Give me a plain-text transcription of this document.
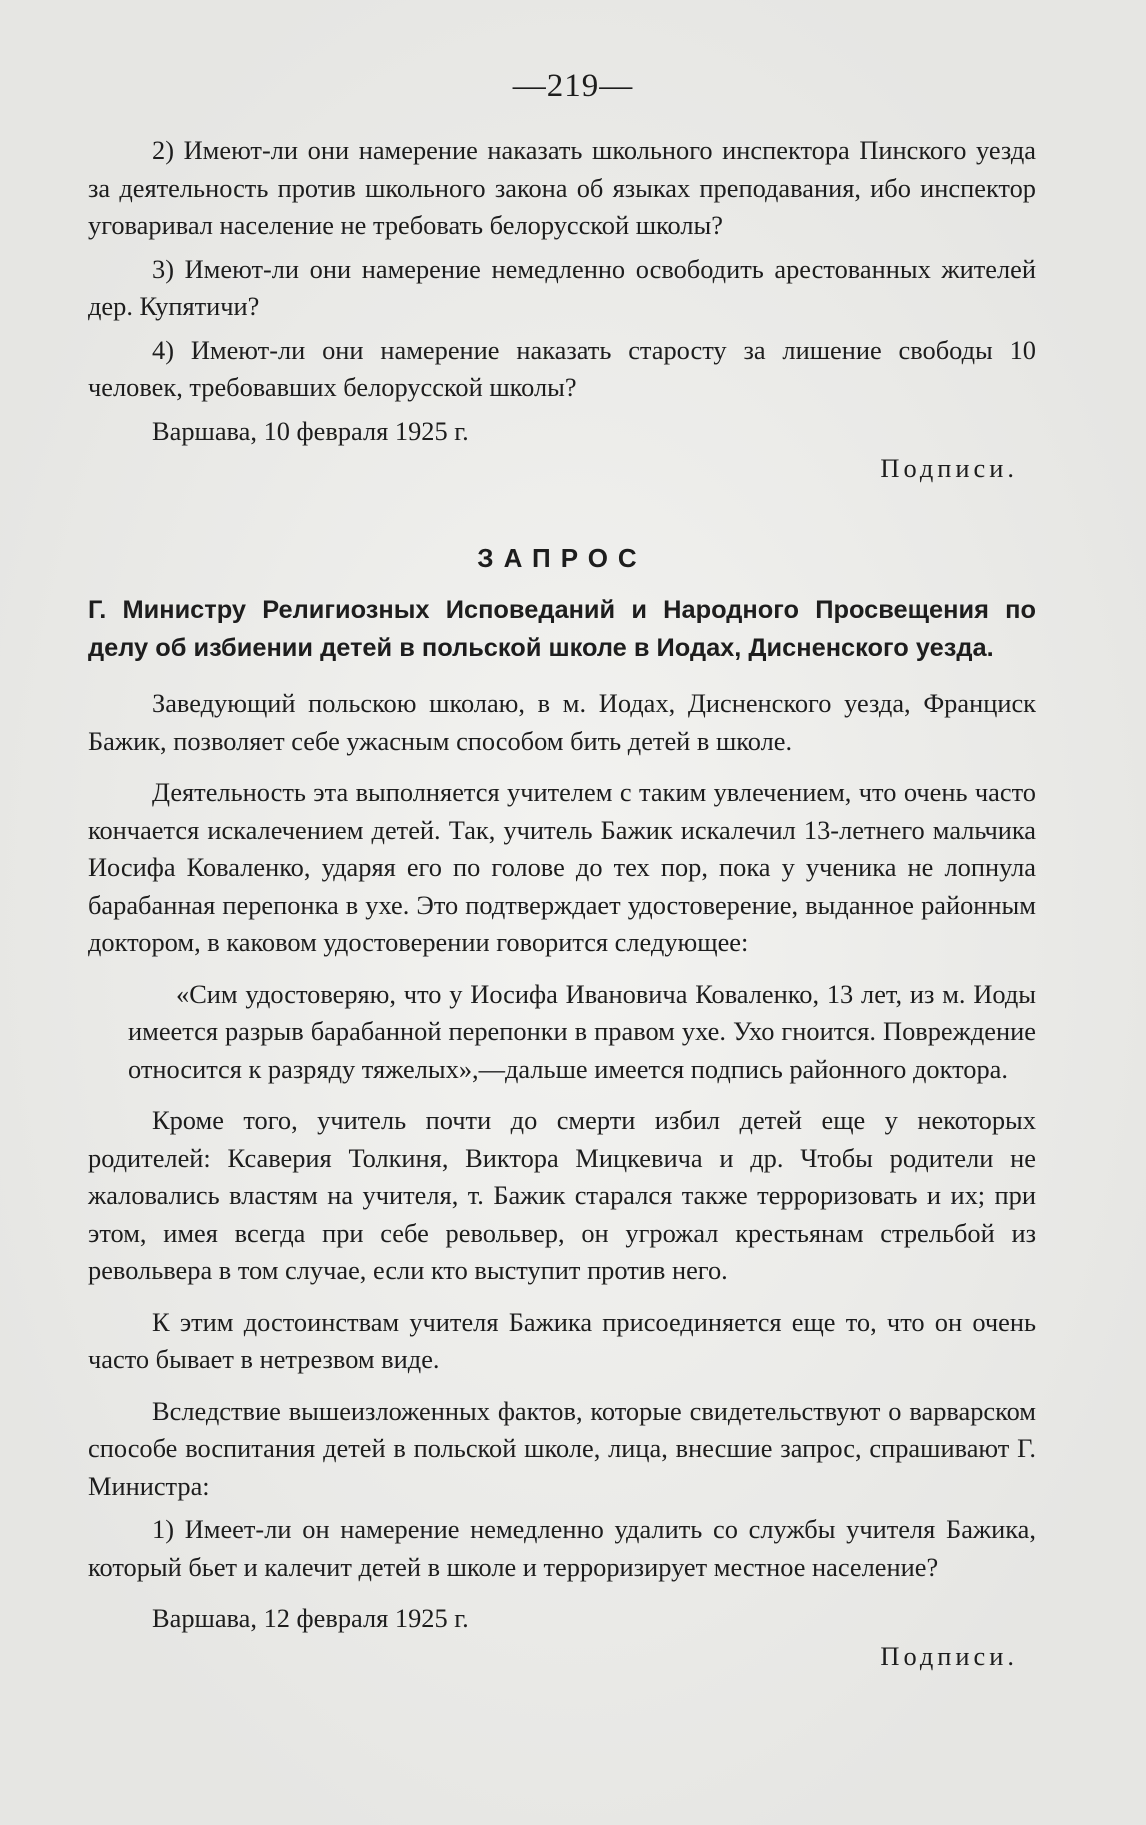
—219—

2) Имеют-ли они намерение наказать школьного инспектора Пинского уезда за деятельность против школьного закона об языках преподавания, ибо инспектор уговаривал население не требовать белорусской школы?

3) Имеют-ли они намерение немедленно освободить арестованных жителей дер. Купятичи?

4) Имеют-ли они намерение наказать старосту за лишение свободы 10 человек, требовавших белорусской школы?

Варшава, 10 февраля 1925 г.

Подписи.

ЗАПРОС
Г. Министру Религиозных Исповеданий и Народного Просвещения по делу об избиении детей в польской школе в Иодах, Дисненского уезда.

Заведующий польскою школаю, в м. Иодах, Дисненского уезда, Франциск Бажик, позволяет себе ужасным способом бить детей в школе.

Деятельность эта выполняется учителем с таким увлечением, что очень часто кончается искалечением детей. Так, учитель Бажик искалечил 13-летнего мальчика Иосифа Коваленко, ударяя его по голове до тех пор, пока у ученика не лопнула барабанная перепонка в ухе. Это подтверждает удостоверение, выданное районным доктором, в каковом удостоверении говорится следующее:

«Сим удостоверяю, что у Иосифа Ивановича Коваленко, 13 лет, из м. Иоды имеется разрыв барабанной перепонки в правом ухе. Ухо гноится. Повреждение относится к разряду тяжелых»,—дальше имеется подпись районного доктора.

Кроме того, учитель почти до смерти избил детей еще у некоторых родителей: Ксаверия Толкиня, Виктора Мицкевича и др. Чтобы родители не жаловались властям на учителя, т. Бажик старался также терроризовать и их; при этом, имея всегда при себе револьвер, он угрожал крестьянам стрельбой из револьвера в том случае, если кто выступит против него.

К этим достоинствам учителя Бажика присоединяется еще то, что он очень часто бывает в нетрезвом виде.

Вследствие вышеизложенных фактов, которые свидетельствуют о варварском способе воспитания детей в польской школе, лица, внесшие запрос, спрашивают Г. Министра:

1) Имеет-ли он намерение немедленно удалить со службы учителя Бажика, который бьет и калечит детей в школе и терроризирует местное население?

Варшава, 12 февраля 1925 г.

Подписи.
